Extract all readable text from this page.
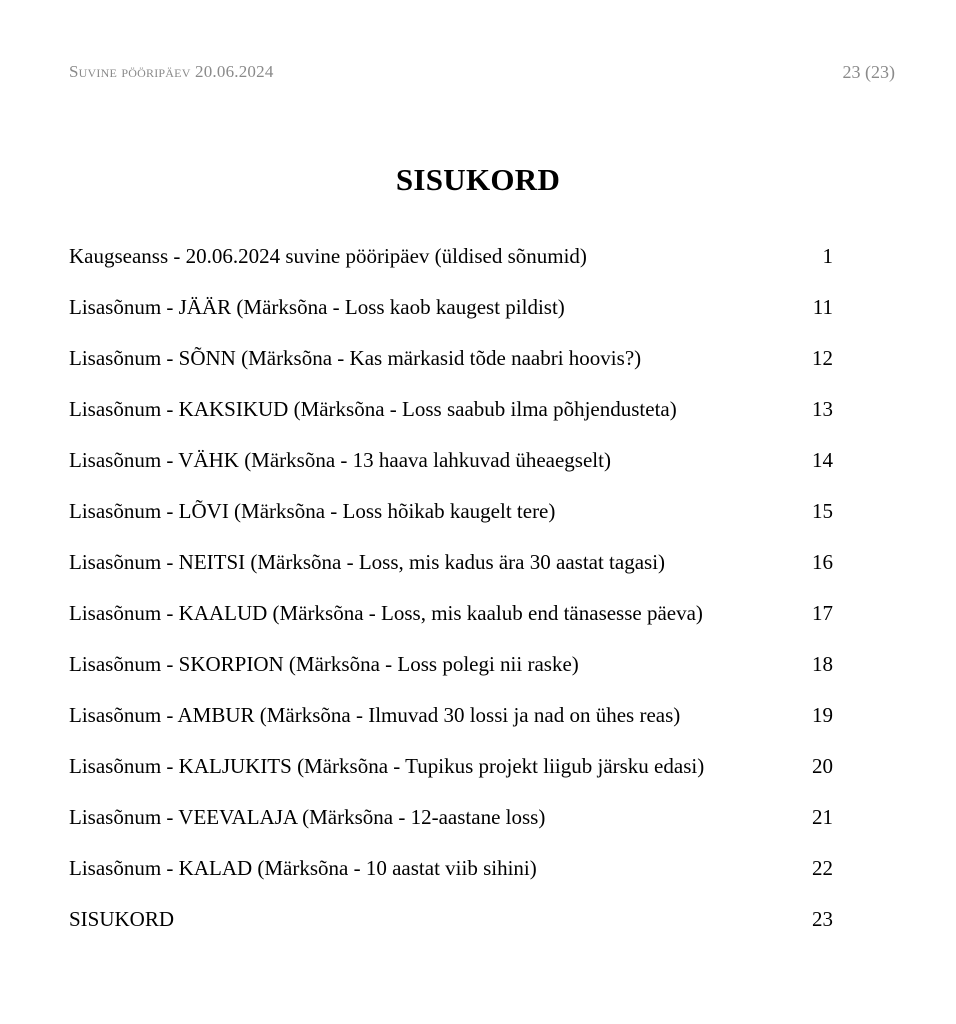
Suvine pööripäev 20.06.2024	23 (23)
SISUKORD
Kaugseanss - 20.06.2024 suvine pööripäev (üldised sõnumid)	1
Lisasõnum - JÄÄR (Märksõna - Loss kaob kaugest pildist)	11
Lisasõnum - SÕNN (Märksõna - Kas märkasid tõde naabri hoovis?)	12
Lisasõnum - KAKSIKUD (Märksõna - Loss saabub ilma põhjendusteta)	13
Lisasõnum - VÄHK (Märksõna - 13 haava lahkuvad üheaegselt)	14
Lisasõnum - LÕVI (Märksõna - Loss hõikab kaugelt tere)	15
Lisasõnum - NEITSI (Märksõna - Loss, mis kadus ära 30 aastat tagasi)	16
Lisasõnum - KAALUD (Märksõna - Loss, mis kaalub end tänasesse päeva)	17
Lisasõnum - SKORPION (Märksõna - Loss polegi nii raske)	18
Lisasõnum - AMBUR (Märksõna - Ilmuvad 30 lossi ja nad on ühes reas)	19
Lisasõnum - KALJUKITS (Märksõna - Tupikus projekt liigub järsku edasi)	20
Lisasõnum - VEEVALAJA (Märksõna - 12-aastane loss)	21
Lisasõnum - KALAD (Märksõna - 10 aastat viib sihini)	22
SISUKORD	23
